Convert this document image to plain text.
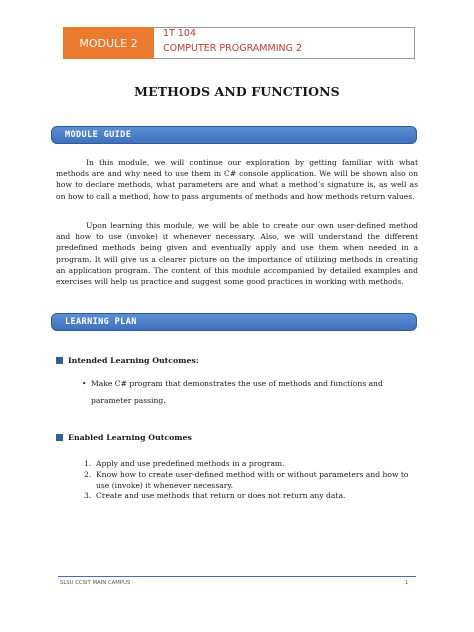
MODULE 2
1T 104
COMPUTER PROGRAMMING 2
METHODS AND FUNCTIONS
MODULE GUIDE
In this module, we will continue our exploration by getting familiar with what methods are and why need to use them in C# console application. We will be shown also on how to declare methods, what parameters are and what a method’s signature is, as well as on how to call a method, how to pass arguments of methods and how methods return values.
Upon learning this module, we will be able to create our own user-defined method and how to use (invoke) it whenever necessary. Also, we will understand the different predefined methods being given and eventually apply and use them when needed in a program. It will give us a clearer picture on the importance of utilizing methods in creating an application program. The content of this module accompanied by detailed examples and exercises will help us practice and suggest some good practices in working with methods.
LEARNING PLAN
Intended Learning Outcomes:
• Make C# program that demonstrates the use of methods and functions and parameter passing.
Enabled Learning Outcomes
1. Apply and use predefined methods in a program.
2. Know how to create user-defined method with or without parameters and how to use (invoke) it whenever necessary.
3. Create and use methods that return or does not return any data.
SLSU CCSIT MAIN CAMPUS	1
